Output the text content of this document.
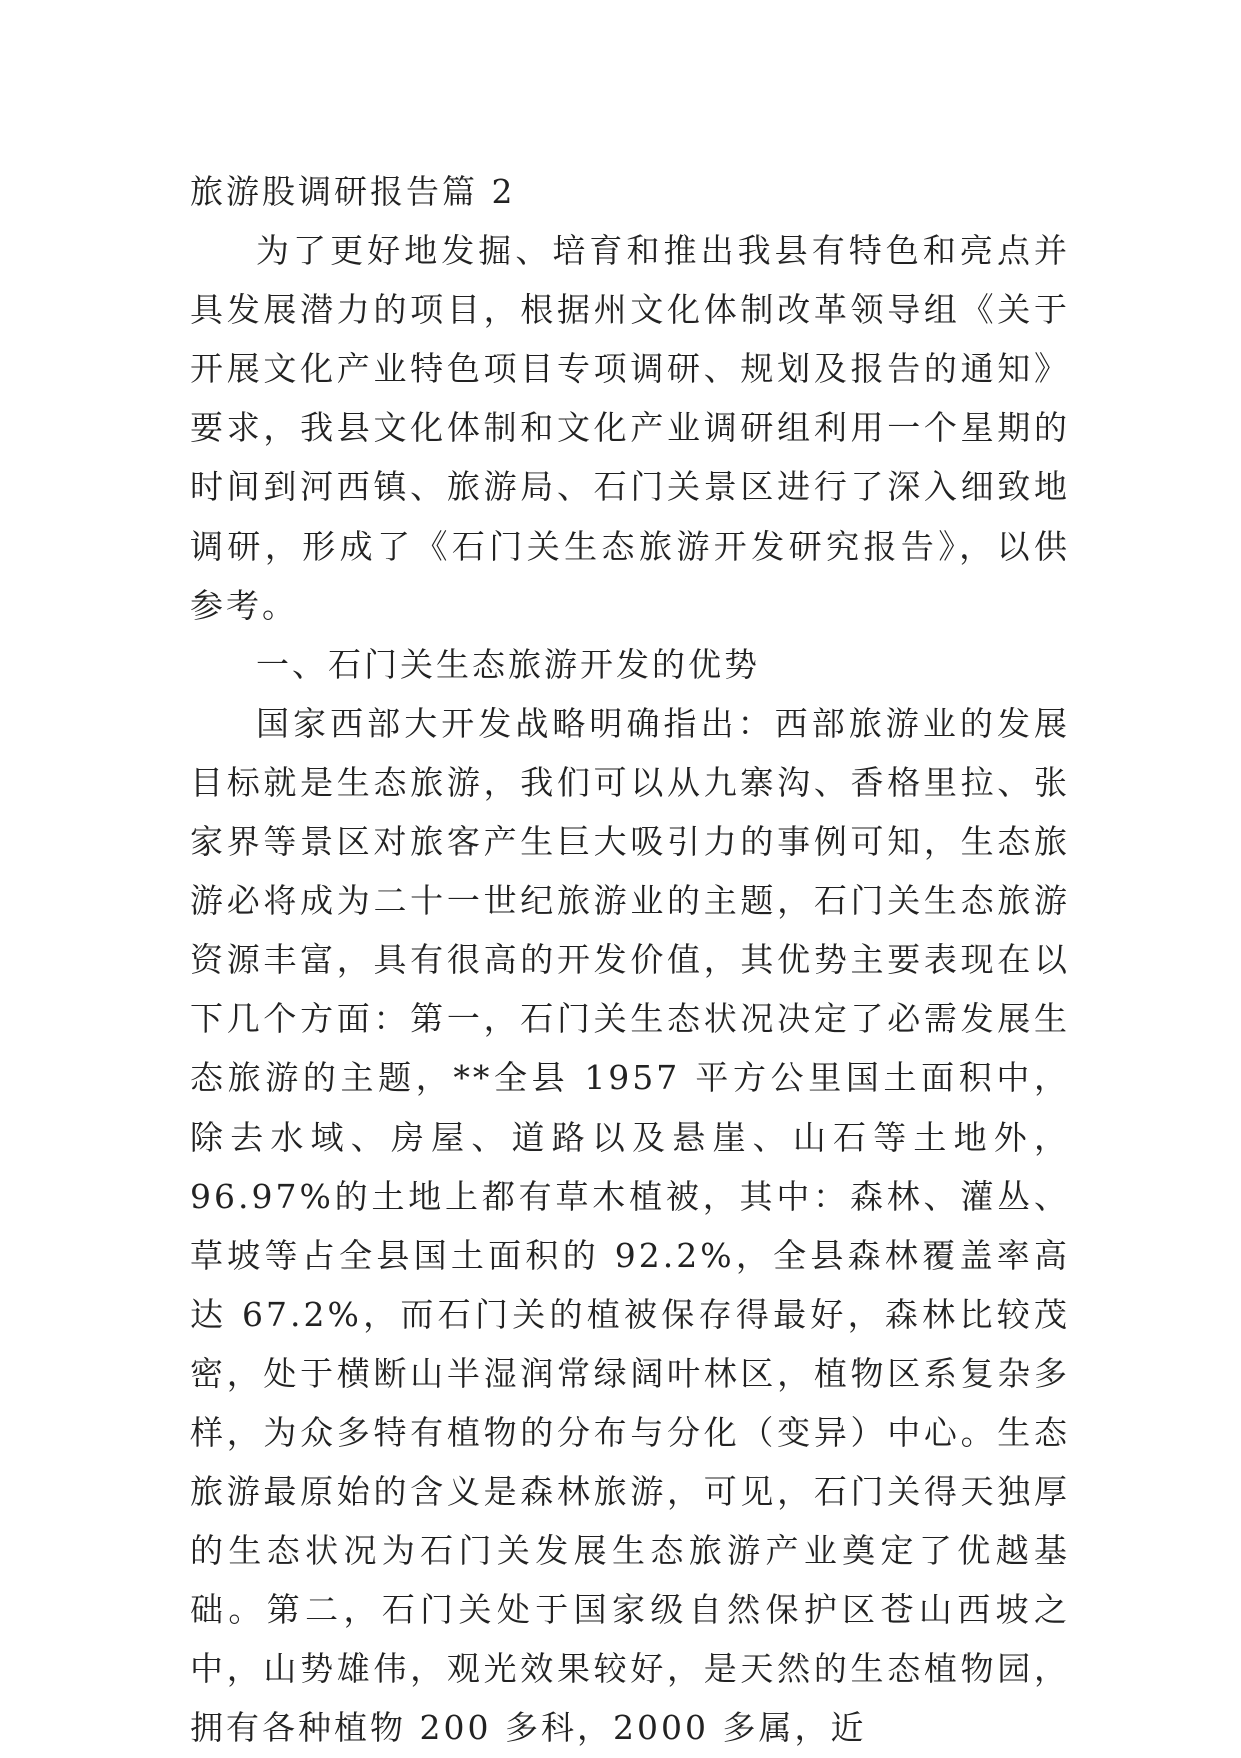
旅游股调研报告篇 2

为了更好地发掘、培育和推出我县有特色和亮点并具发展潜力的项目，根据州文化体制改革领导组《关于开展文化产业特色项目专项调研、规划及报告的通知》要求，我县文化体制和文化产业调研组利用一个星期的时间到河西镇、旅游局、石门关景区进行了深入细致地调研，形成了《石门关生态旅游开发研究报告》，以供参考。

一、石门关生态旅游开发的优势

国家西部大开发战略明确指出：西部旅游业的发展目标就是生态旅游，我们可以从九寨沟、香格里拉、张家界等景区对旅客产生巨大吸引力的事例可知，生态旅游必将成为二十一世纪旅游业的主题，石门关生态旅游资源丰富，具有很高的开发价值，其优势主要表现在以下几个方面：第一，石门关生态状况决定了必需发展生态旅游的主题，**全县 1957 平方公里国土面积中，除去水域、房屋、道路以及悬崖、山石等土地外，96.97%的土地上都有草木植被，其中：森林、灌丛、草坡等占全县国土面积的 92.2%，全县森林覆盖率高达 67.2%，而石门关的植被保存得最好，森林比较茂密，处于横断山半湿润常绿阔叶林区，植物区系复杂多样，为众多特有植物的分布与分化（变异）中心。生态旅游最原始的含义是森林旅游，可见，石门关得天独厚的生态状况为石门关发展生态旅游产业奠定了优越基础。第二，石门关处于国家级自然保护区苍山西坡之中，山势雄伟，观光效果较好，是天然的生态植物园，拥有各种植物 200 多科，2000 多属，近
